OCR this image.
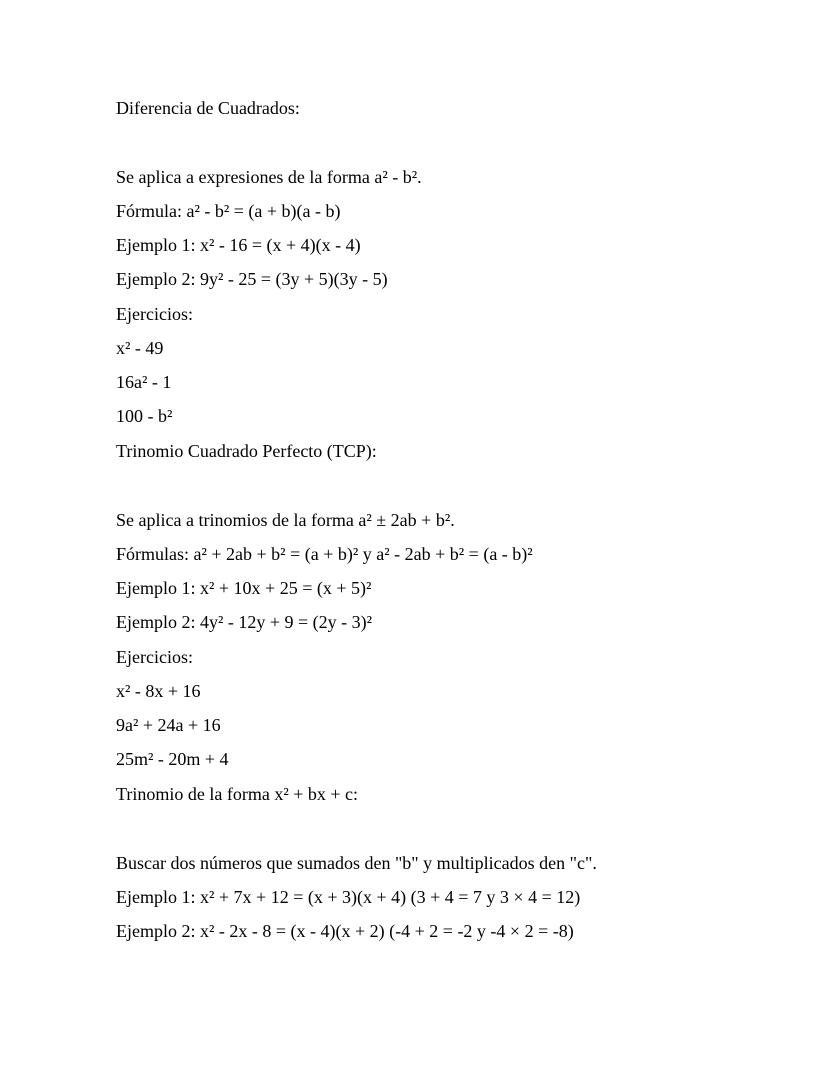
Diferencia de Cuadrados:
Se aplica a expresiones de la forma a² - b².
Fórmula: a² - b² = (a + b)(a - b)
Ejemplo 1: x² - 16 = (x + 4)(x - 4)
Ejemplo 2: 9y² - 25 = (3y + 5)(3y - 5)
Ejercicios:
x² - 49
16a² - 1
100 - b²
Trinomio Cuadrado Perfecto (TCP):
Se aplica a trinomios de la forma a² ± 2ab + b².
Fórmulas: a² + 2ab + b² = (a + b)² y a² - 2ab + b² = (a - b)²
Ejemplo 1: x² + 10x + 25 = (x + 5)²
Ejemplo 2: 4y² - 12y + 9 = (2y - 3)²
Ejercicios:
x² - 8x + 16
9a² + 24a + 16
25m² - 20m + 4
Trinomio de la forma x² + bx + c:
Buscar dos números que sumados den "b" y multiplicados den "c".
Ejemplo 1: x² + 7x + 12 = (x + 3)(x + 4) (3 + 4 = 7 y 3 × 4 = 12)
Ejemplo 2: x² - 2x - 8 = (x - 4)(x + 2) (-4 + 2 = -2 y -4 × 2 = -8)
